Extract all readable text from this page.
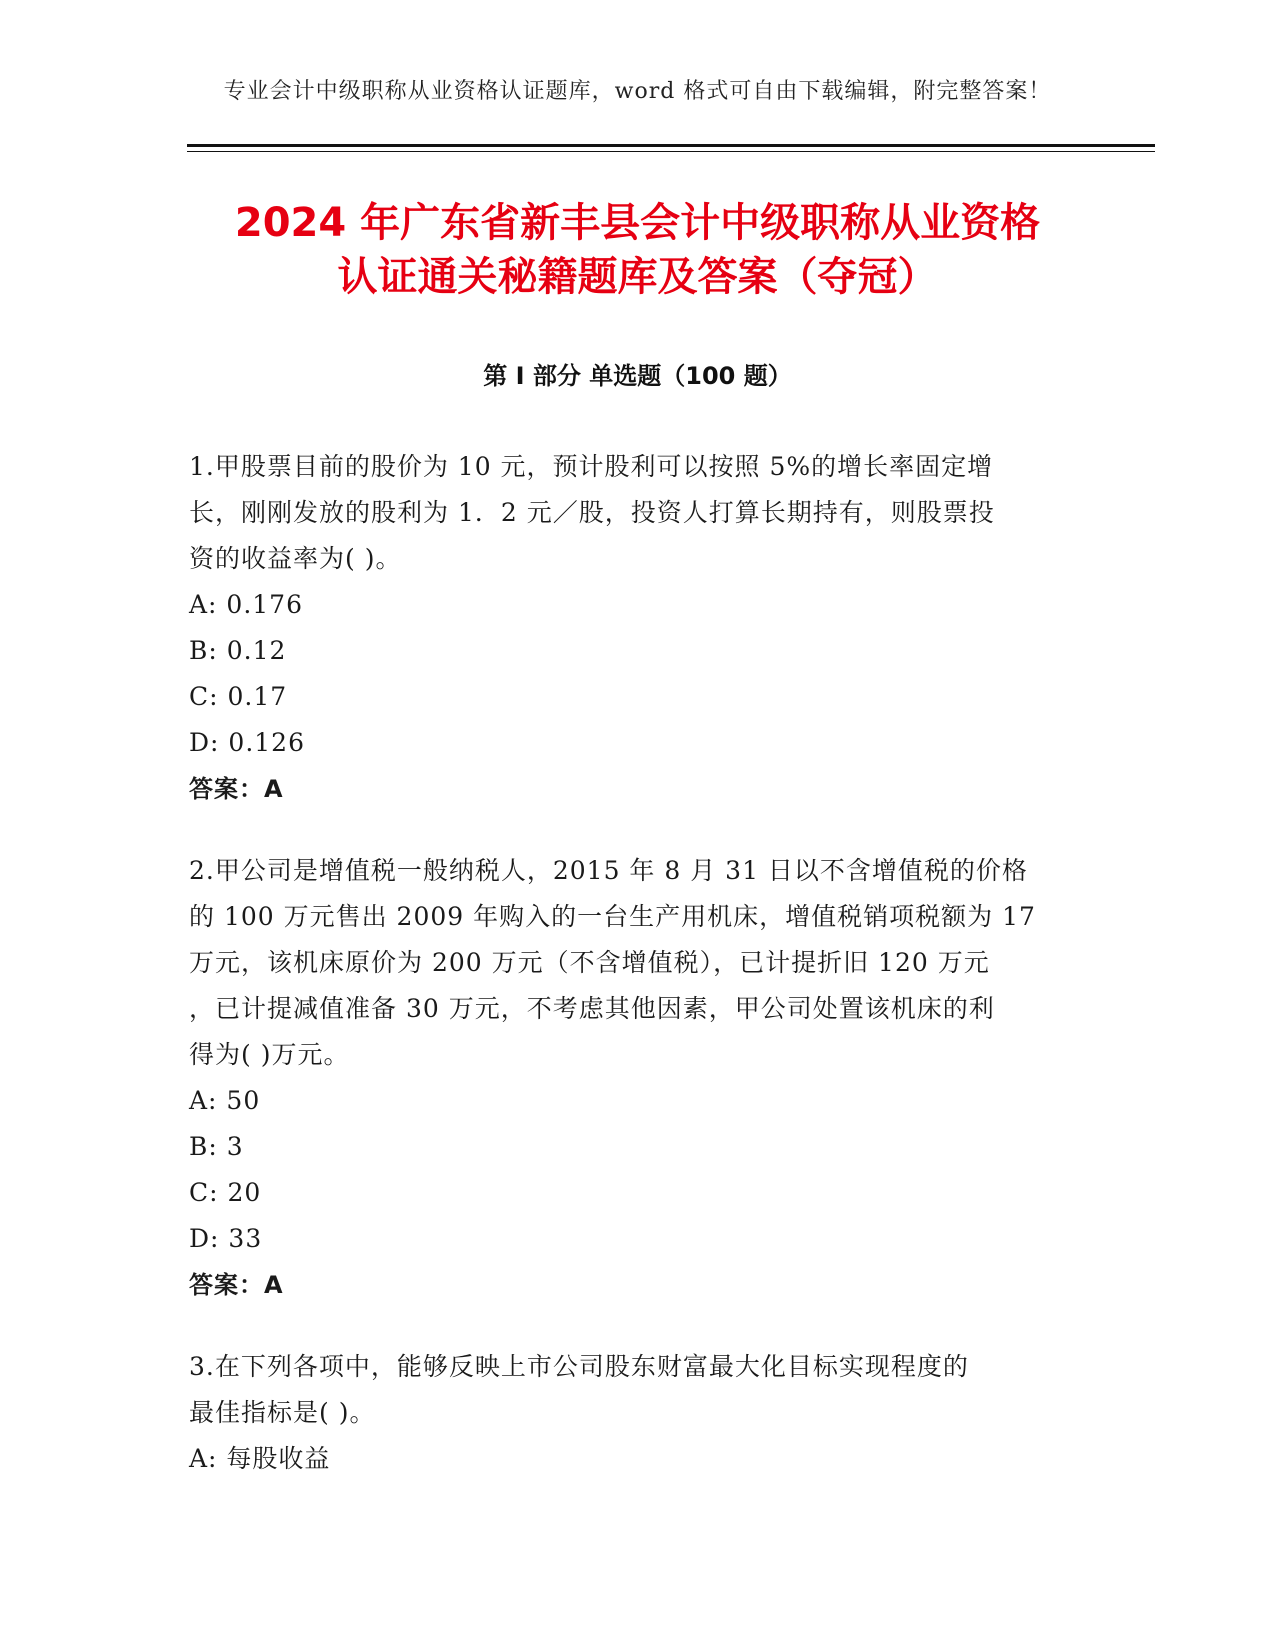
专业会计中级职称从业资格认证题库，word 格式可自由下载编辑，附完整答案！
2024 年广东省新丰县会计中级职称从业资格
认证通关秘籍题库及答案（夺冠）
第 I 部分 单选题（100 题）
1.甲股票目前的股价为 10 元，预计股利可以按照 5%的增长率固定增
长，刚刚发放的股利为 1．2 元／股，投资人打算长期持有，则股票投
资的收益率为( )。
A: 0.176
B: 0.12
C: 0.17
D: 0.126
答案：A
2.甲公司是增值税一般纳税人，2015 年 8 月 31 日以不含增值税的价格
的 100 万元售出 2009 年购入的一台生产用机床，增值税销项税额为 17
万元，该机床原价为 200 万元（不含增值税），已计提折旧 120 万元
，已计提减值准备 30 万元，不考虑其他因素，甲公司处置该机床的利
得为( )万元。
A: 50
B: 3
C: 20
D: 33
答案：A
3.在下列各项中，能够反映上市公司股东财富最大化目标实现程度的
最佳指标是( )。
A: 每股收益
